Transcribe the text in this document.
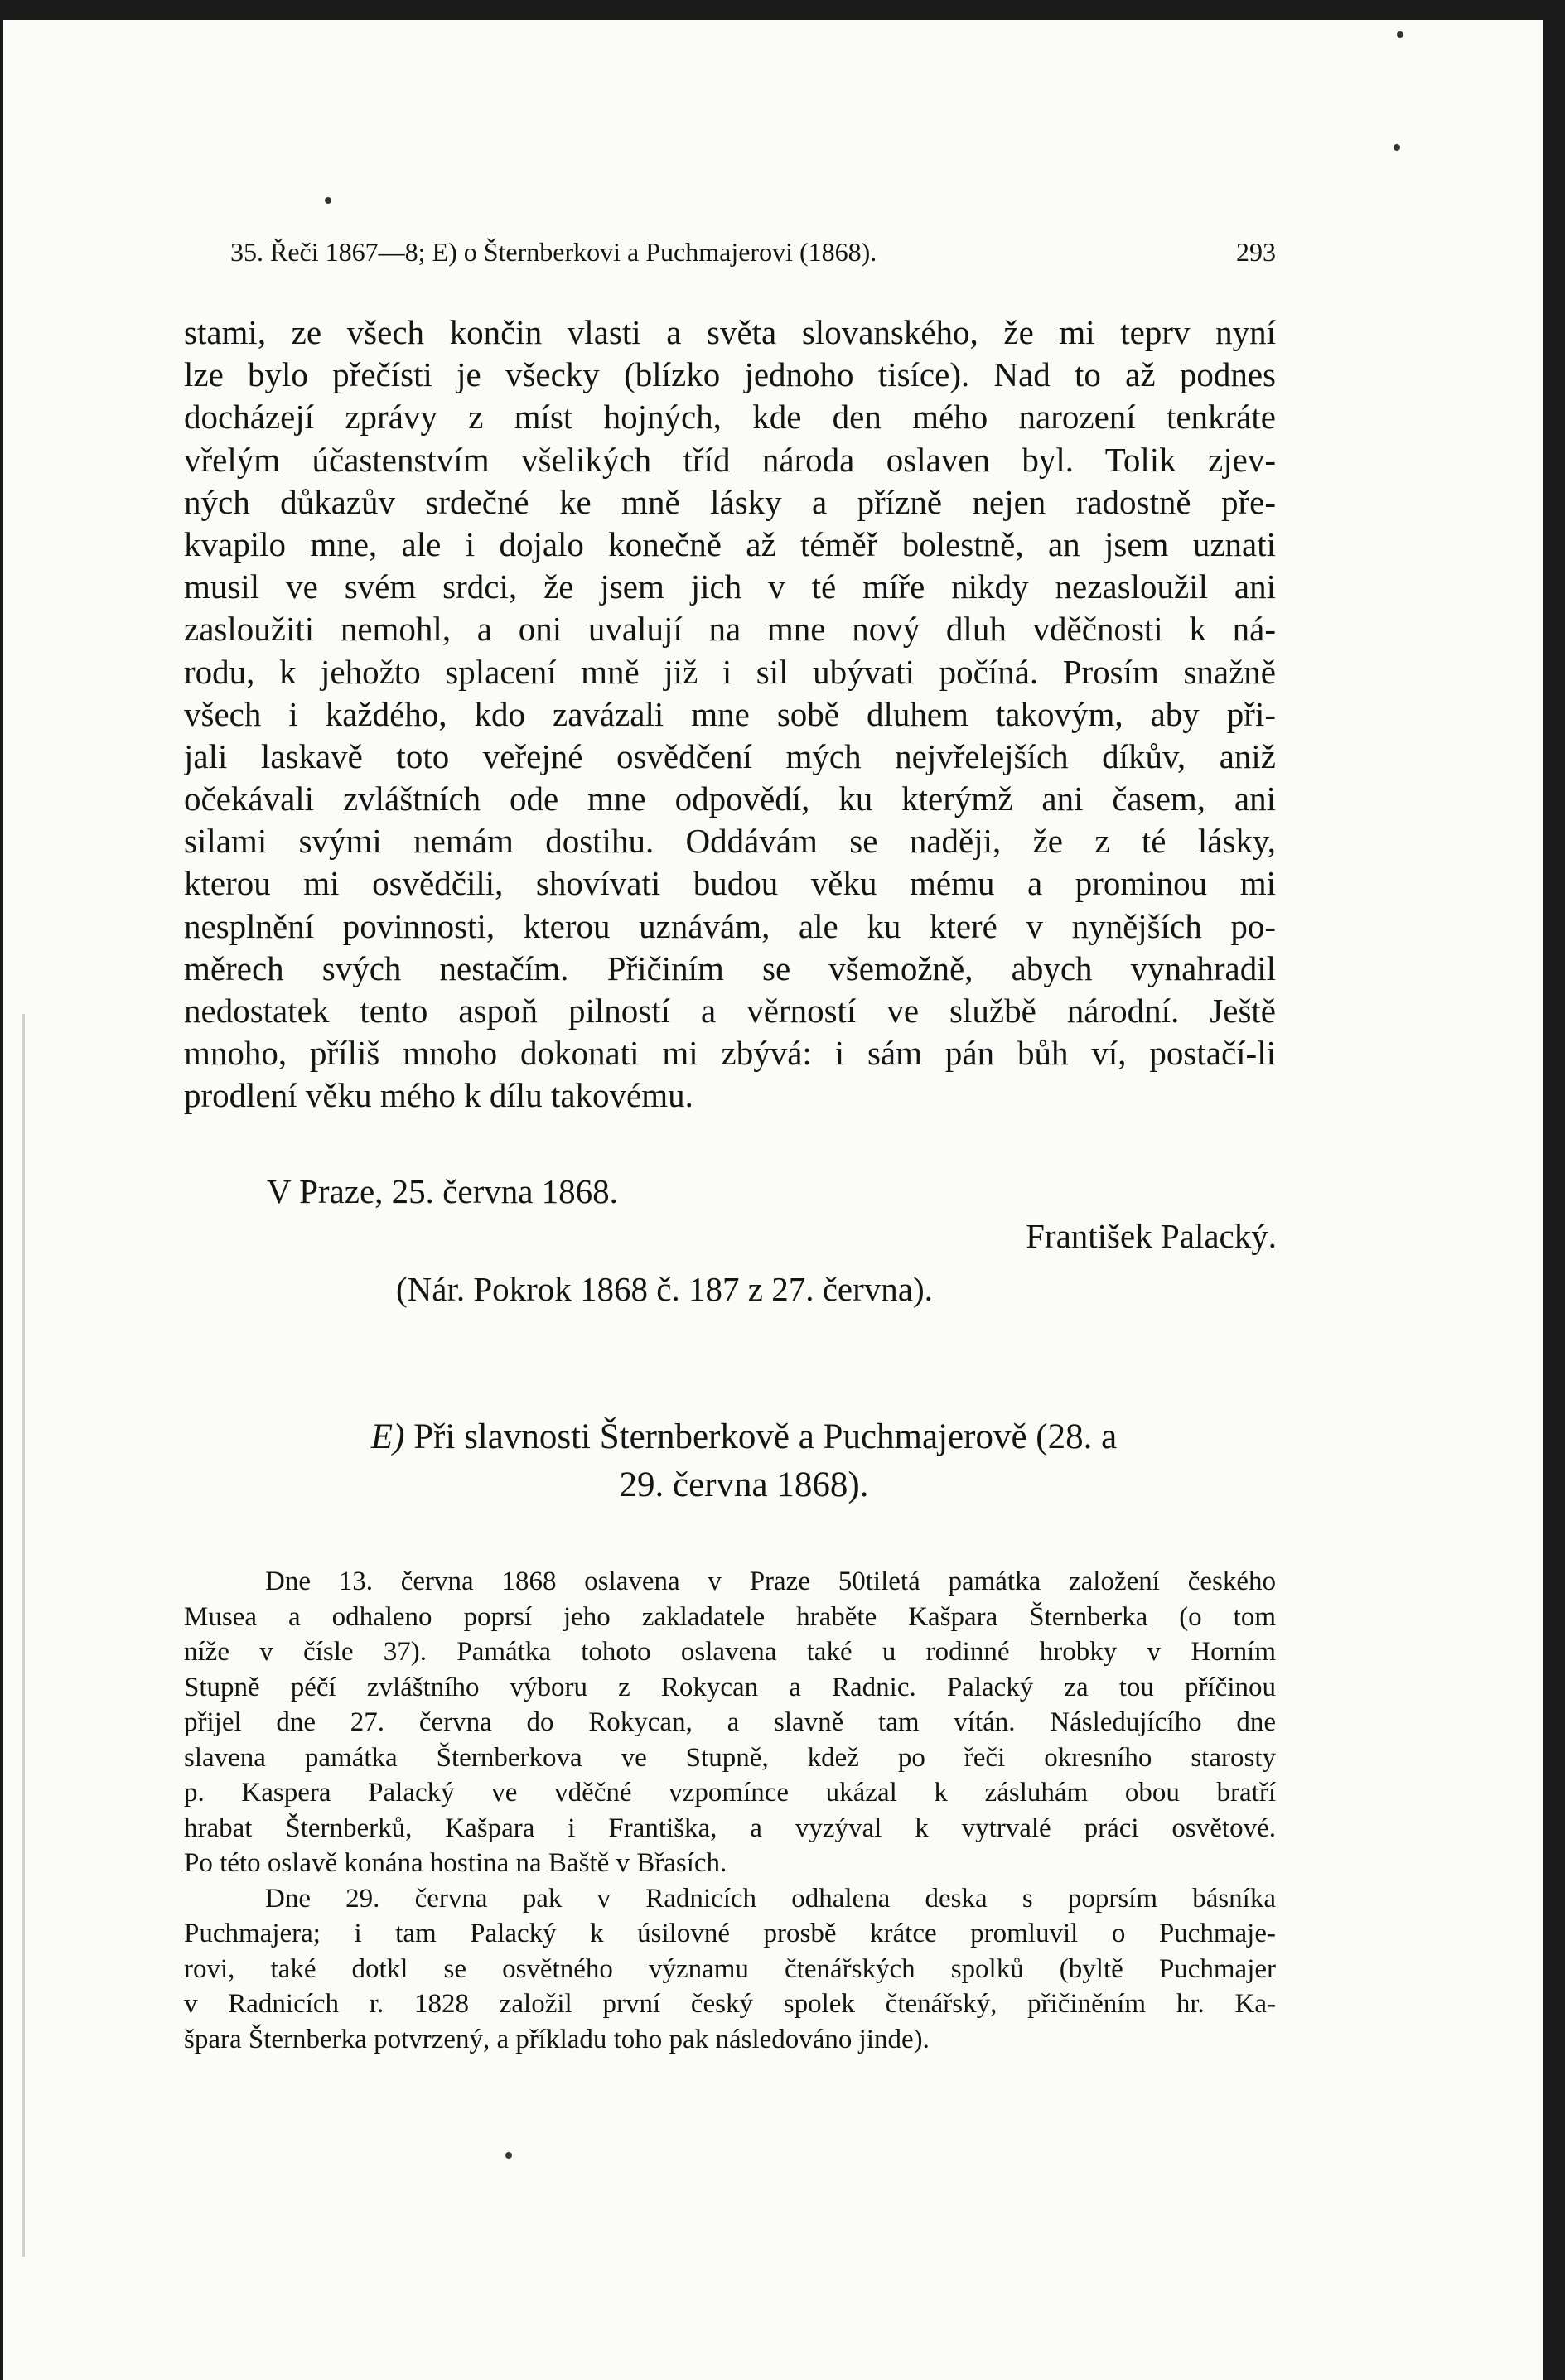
35. Řeči 1867—8; E) o Šternberkovi a Puchmajerovi (1868).	293
stami, ze všech končin vlasti a světa slovanského, že mi teprv nyní
lze bylo přečísti je všecky (blízko jednoho tisíce). Nad to až podnes
docházejí zprávy z míst hojných, kde den mého narození tenkráte
vřelým účastenstvím všelikých tříd národa oslaven byl. Tolik zjev-
ných důkazův srdečné ke mně lásky a přízně nejen radostně pře-
kvapilo mne, ale i dojalo konečně až téměř bolestně, an jsem uznati
musil ve svém srdci, že jsem jich v té míře nikdy nezasloužil ani
zasloužiti nemohl, a oni uvalují na mne nový dluh vděčnosti k ná-
rodu, k jehožto splacení mně již i sil ubývati počíná. Prosím snažně
všech i každého, kdo zavázali mne sobě dluhem takovým, aby při-
jali laskavě toto veřejné osvědčení mých nejvřelejších díkův, aniž
očekávali zvláštních ode mne odpovědí, ku kterýmž ani časem, ani
silami svými nemám dostihu. Oddávám se naději, že z té lásky,
kterou mi osvědčili, shovívati budou věku mému a prominou mi
nesplnění povinnosti, kterou uznávám, ale ku které v nynějších po-
měrech svých nestačím. Přičiním se všemožně, abych vynahradil
nedostatek tento aspoň pilností a věrností ve službě národní. Ještě
mnoho, příliš mnoho dokonati mi zbývá: i sám pán bůh ví, postačí-li
prodlení věku mého k dílu takovému.
V Praze, 25. června 1868.
František Palacký.
(Nár. Pokrok 1868 č. 187 z 27. června).
E) Při slavnosti Šternberkově a Puchmajerově (28. a
29. června 1868).
Dne 13. června 1868 oslavena v Praze 50tiletá památka založení českého
Musea a odhaleno poprsí jeho zakladatele hraběte Kašpara Šternberka (o tom
níže v čísle 37). Památka tohoto oslavena také u rodinné hrobky v Horním
Stupně péčí zvláštního výboru z Rokycan a Radnic. Palacký za tou příčinou
přijel dne 27. června do Rokycan, a slavně tam vítán. Následujícího dne
slavena památka Šternberkova ve Stupně, kdež po řeči okresního starosty
p. Kaspera Palacký ve vděčné vzpomínce ukázal k zásluhám obou bratří
hrabat Šternberků, Kašpara i Františka, a vyzýval k vytrvalé práci osvětové.
Po této oslavě konána hostina na Baště v Břasích.
Dne 29. června pak v Radnicích odhalena deska s poprsím básníka
Puchmajera; i tam Palacký k úsilovné prosbě krátce promluvil o Puchmaje-
rovi, také dotkl se osvětného významu čtenářských spolků (byltě Puchmajer
v Radnicích r. 1828 založil první český spolek čtenářský, přičiněním hr. Ka-
špara Šternberka potvrzený, a příkladu toho pak následováno jinde).
